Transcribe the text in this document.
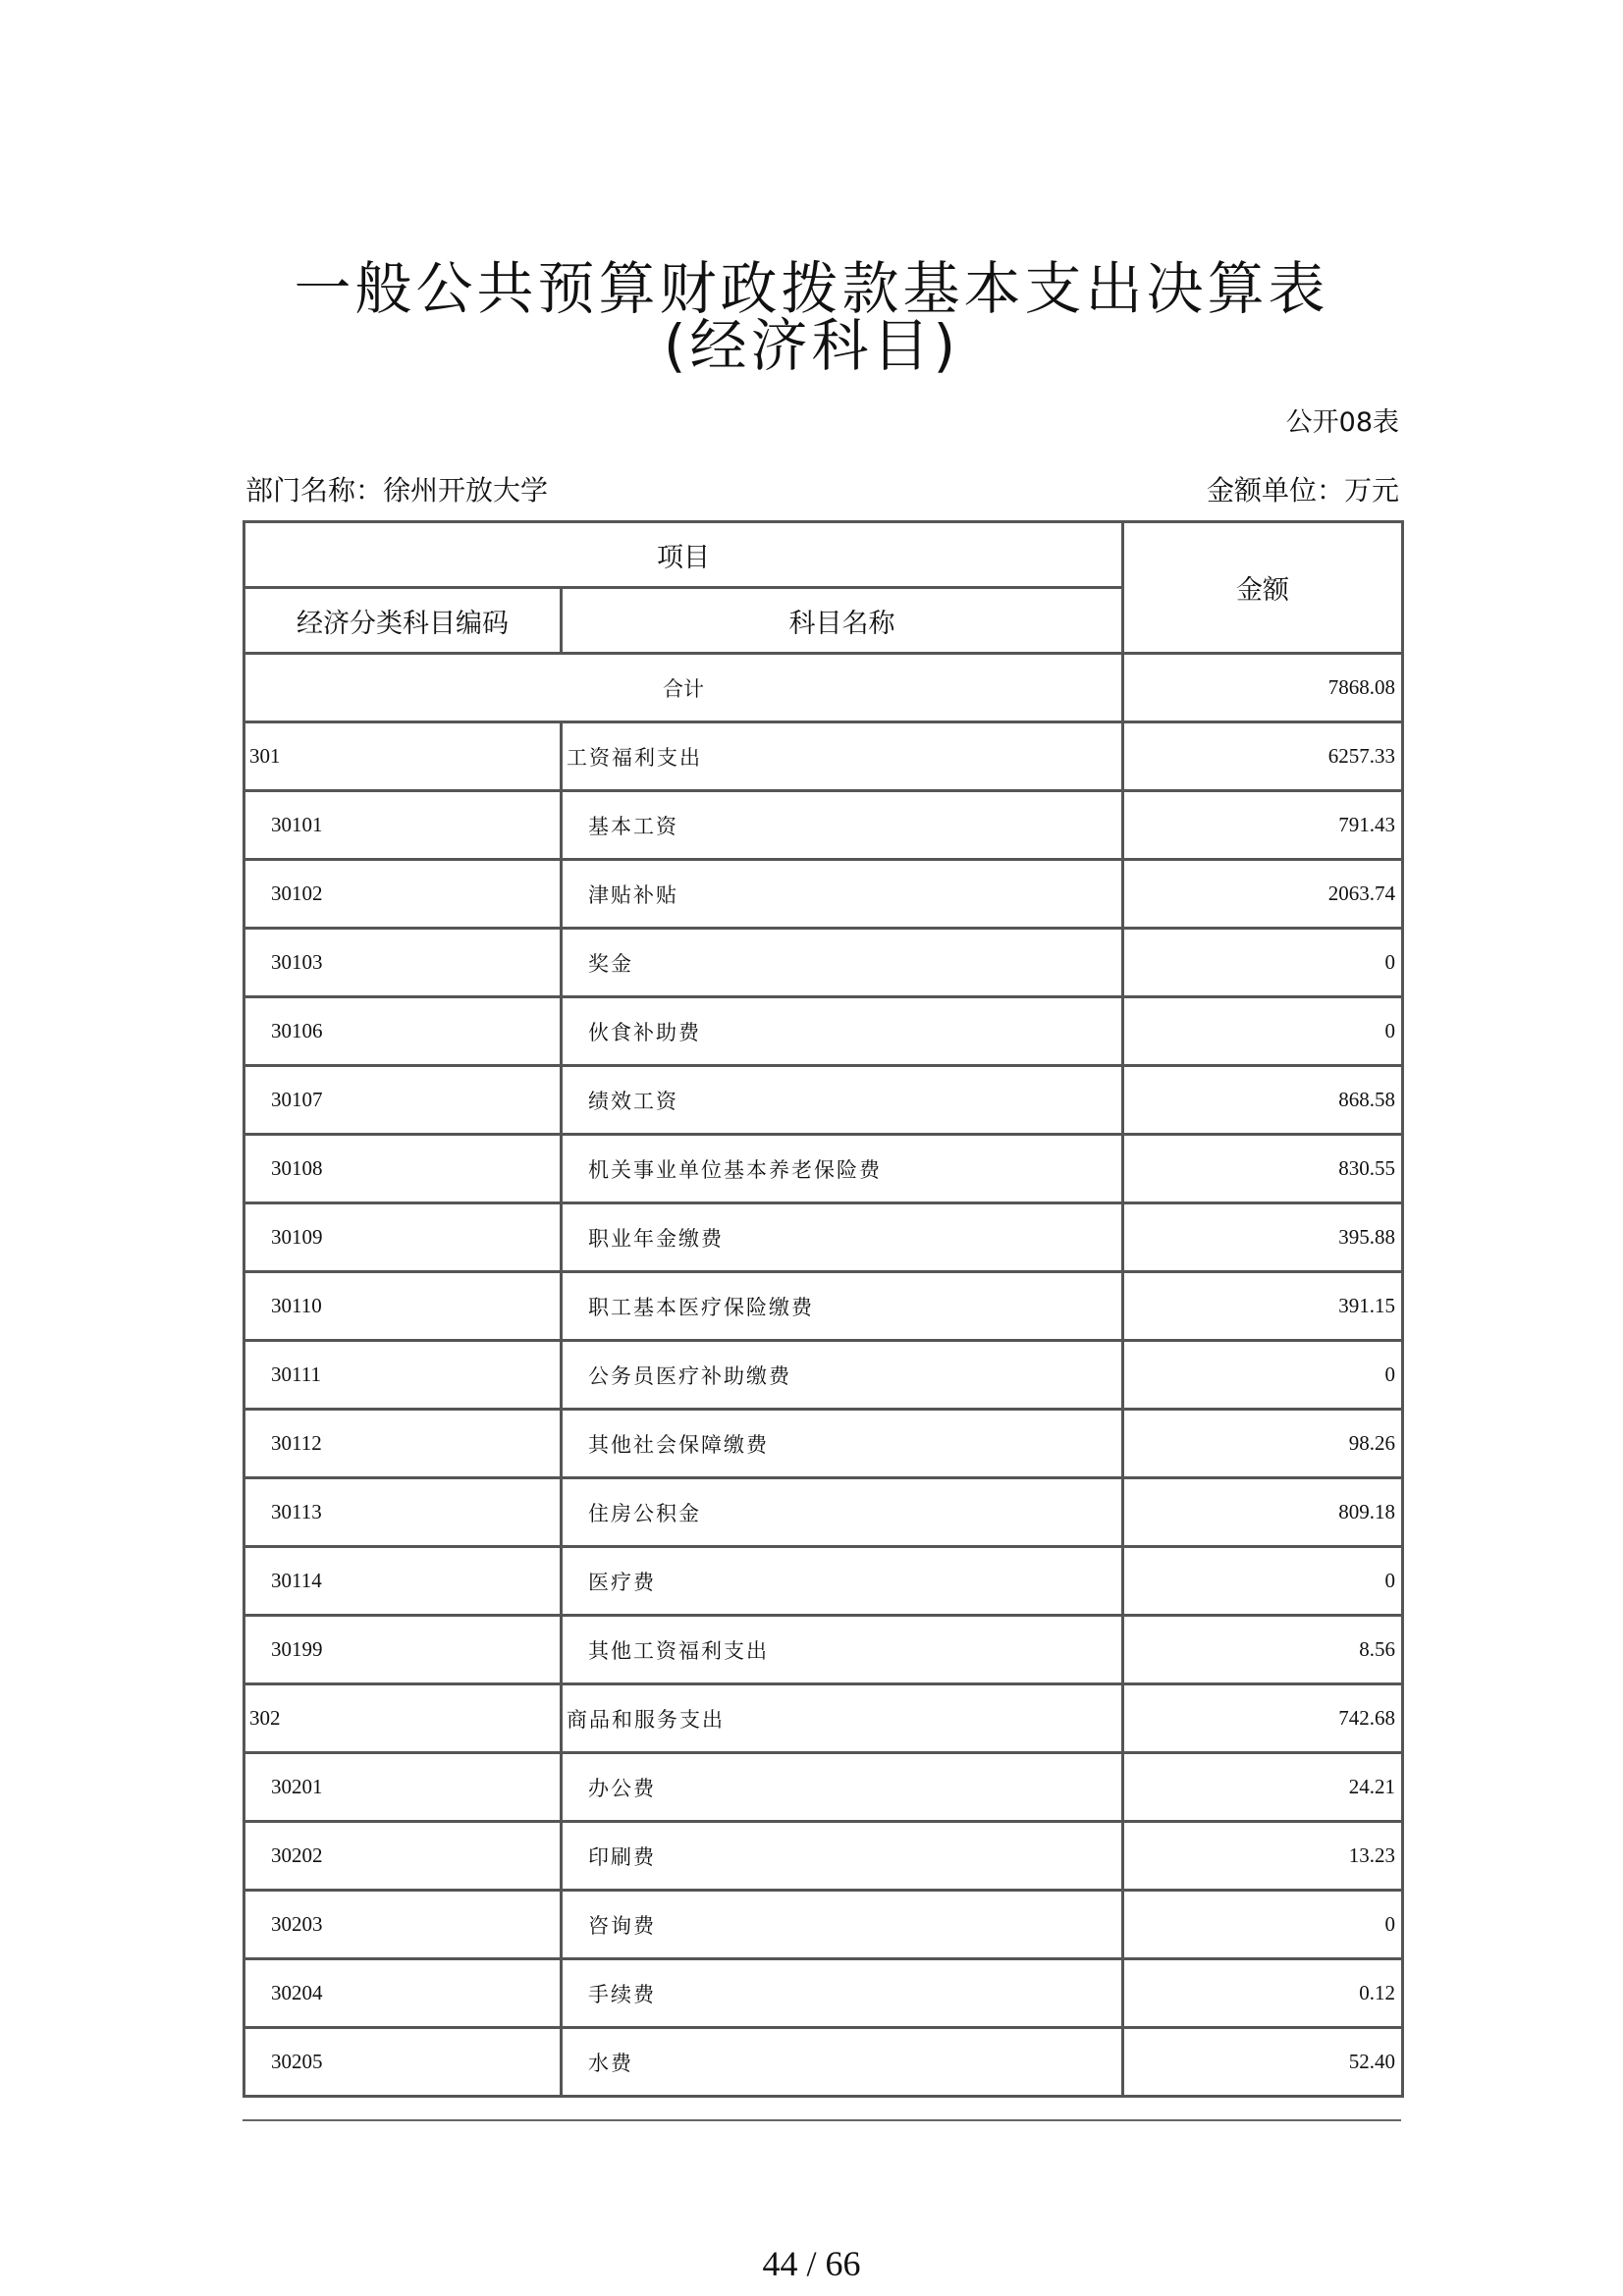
一般公共预算财政拨款基本支出决算表
(经济科目)
公开08表
部门名称：徐州开放大学	金额单位：万元
项目		金额
经济分类科目编码	科目名称	
合计		7868.08
301	工资福利支出	6257.33
30101	基本工资	791.43
30102	津贴补贴	2063.74
30103	奖金	0
30106	伙食补助费	0
30107	绩效工资	868.58
30108	机关事业单位基本养老保险费	830.55
30109	职业年金缴费	395.88
30110	职工基本医疗保险缴费	391.15
30111	公务员医疗补助缴费	0
30112	其他社会保障缴费	98.26
30113	住房公积金	809.18
30114	医疗费	0
30199	其他工资福利支出	8.56
302	商品和服务支出	742.68
30201	办公费	24.21
30202	印刷费	13.23
30203	咨询费	0
30204	手续费	0.12
30205	水费	52.40
44 / 66
